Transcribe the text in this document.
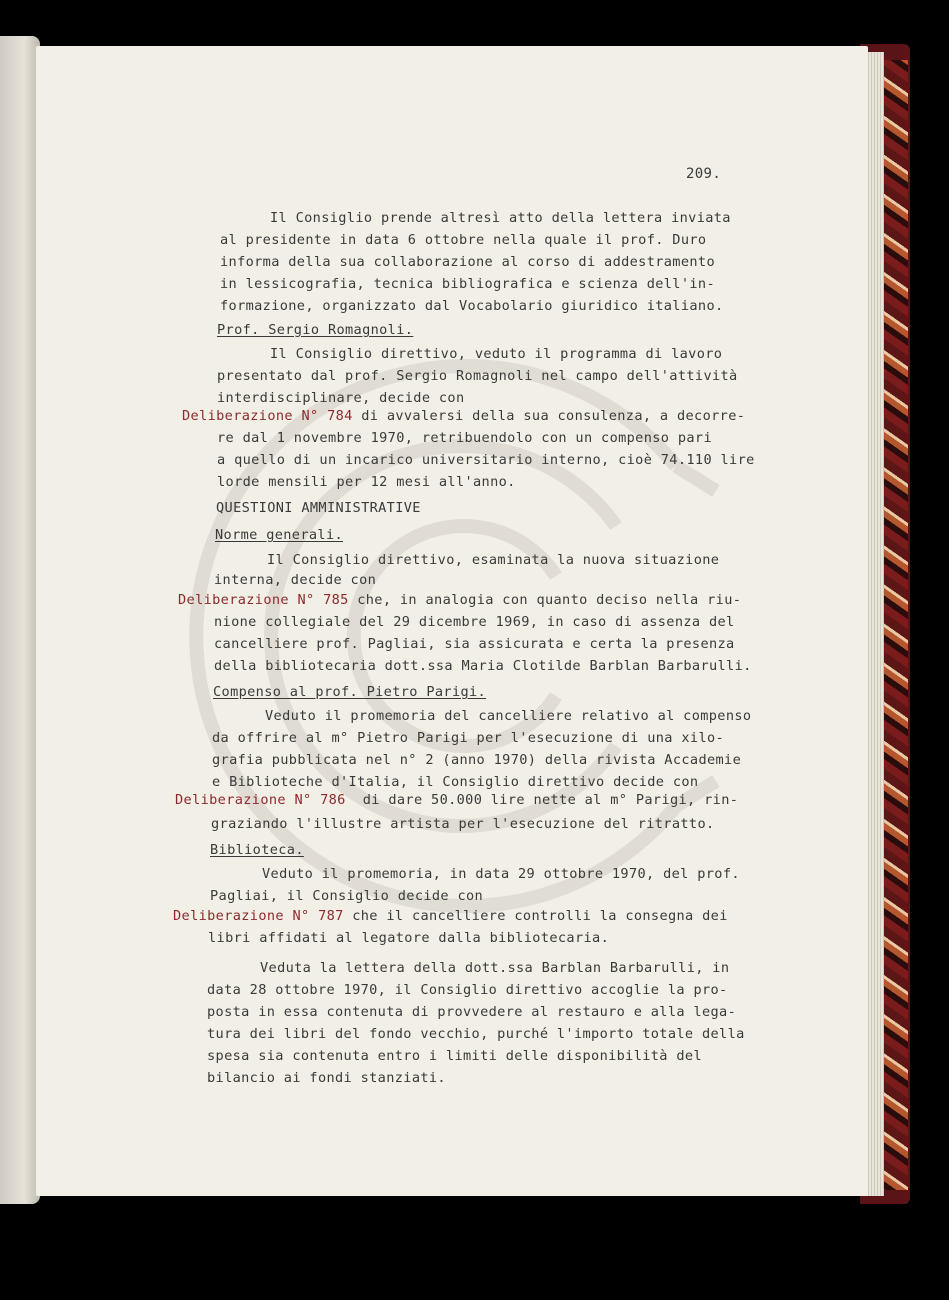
209.
Il Consiglio prende altresì atto della lettera inviata
al presidente in data 6 ottobre nella quale il prof. Duro
informa della sua collaborazione al corso di addestramento
in lessicografia, tecnica bibliografica e scienza dell'in-
formazione, organizzato dal Vocabolario giuridico italiano.
Prof. Sergio Romagnoli.
Il Consiglio direttivo, veduto il programma di lavoro
presentato dal prof. Sergio Romagnoli nel campo dell'attività
interdisciplinare, decide con
Deliberazione N° 784 di avvalersi della sua consulenza, a decorre-
re dal 1 novembre 1970, retribuendolo con un compenso pari
a quello di un incarico universitario interno, cioè 74.110 lire
lorde mensili per 12 mesi all'anno.
QUESTIONI AMMINISTRATIVE
Norme generali.
Il Consiglio direttivo, esaminata la nuova situazione
interna, decide con
Deliberazione N° 785 che, in analogia con quanto deciso nella riu-
nione collegiale del 29 dicembre 1969, in caso di assenza del
cancelliere prof. Pagliai, sia assicurata e certa la presenza
della bibliotecaria dott.ssa Maria Clotilde Barblan Barbarulli.
Compenso al prof. Pietro Parigi.
Veduto il promemoria del cancelliere relativo al compenso
da offrire al m° Pietro Parigi per l'esecuzione di una xilo-
grafia pubblicata nel n° 2 (anno 1970) della rivista Accademie
e Biblioteche d'Italia, il Consiglio direttivo decide con
Deliberazione N° 786  di dare 50.000 lire nette al m° Parigi, rin-
graziando l'illustre artista per l'esecuzione del ritratto.
Biblioteca.
Veduto il promemoria, in data 29 ottobre 1970, del prof.
Pagliai, il Consiglio decide con
Deliberazione N° 787 che il cancelliere controlli la consegna dei
libri affidati al legatore dalla bibliotecaria.
Veduta la lettera della dott.ssa Barblan Barbarulli, in
data 28 ottobre 1970, il Consiglio direttivo accoglie la pro-
posta in essa contenuta di provvedere al restauro e alla lega-
tura dei libri del fondo vecchio, purché l'importo totale della
spesa sia contenuta entro i limiti delle disponibilità del
bilancio ai fondi stanziati.
